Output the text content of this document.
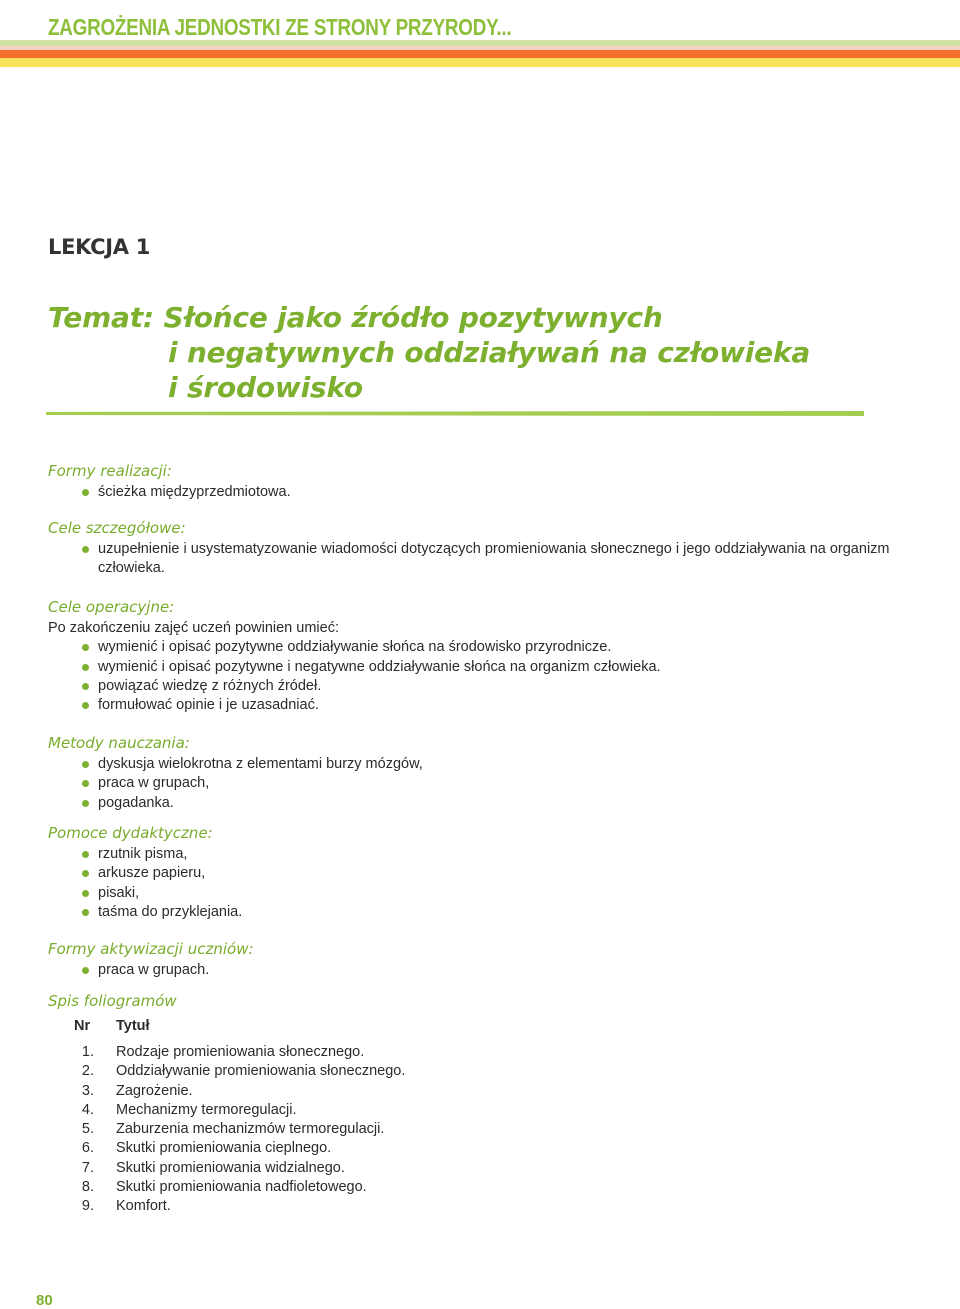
ZAGROŻENIA JEDNOSTKI ZE STRONY PRZYRODY...
LEKCJA 1
Temat: Słońce jako źródło pozytywnych
i negatywnych oddziaływań na człowieka
i środowisko
Formy realizacji:
ścieżka międzyprzedmiotowa.
Cele szczegółowe:
uzupełnienie i usystematyzowanie wiadomości dotyczących promieniowania słonecznego i jego oddziaływania na organizm człowieka.
Cele operacyjne:
Po zakończeniu zajęć uczeń powinien umieć:
wymienić i opisać pozytywne oddziaływanie słońca na środowisko przyrodnicze.
wymienić i opisać pozytywne i negatywne oddziaływanie słońca na organizm człowieka.
powiązać wiedzę z różnych źródeł.
formułować opinie i je uzasadniać.
Metody nauczania:
dyskusja wielokrotna z elementami burzy mózgów,
praca w grupach,
pogadanka.
Pomoce dydaktyczne:
rzutnik pisma,
arkusze papieru,
pisaki,
taśma do przyklejania.
Formy aktywizacji uczniów:
praca w grupach.
Spis foliogramów
Nr Tytuł
1. Rodzaje promieniowania słonecznego.
2. Oddziaływanie promieniowania słonecznego.
3. Zagrożenie.
4. Mechanizmy termoregulacji.
5. Zaburzenia mechanizmów termoregulacji.
6. Skutki promieniowania cieplnego.
7. Skutki promieniowania widzialnego.
8. Skutki promieniowania nadfioletowego.
9. Komfort.
80
